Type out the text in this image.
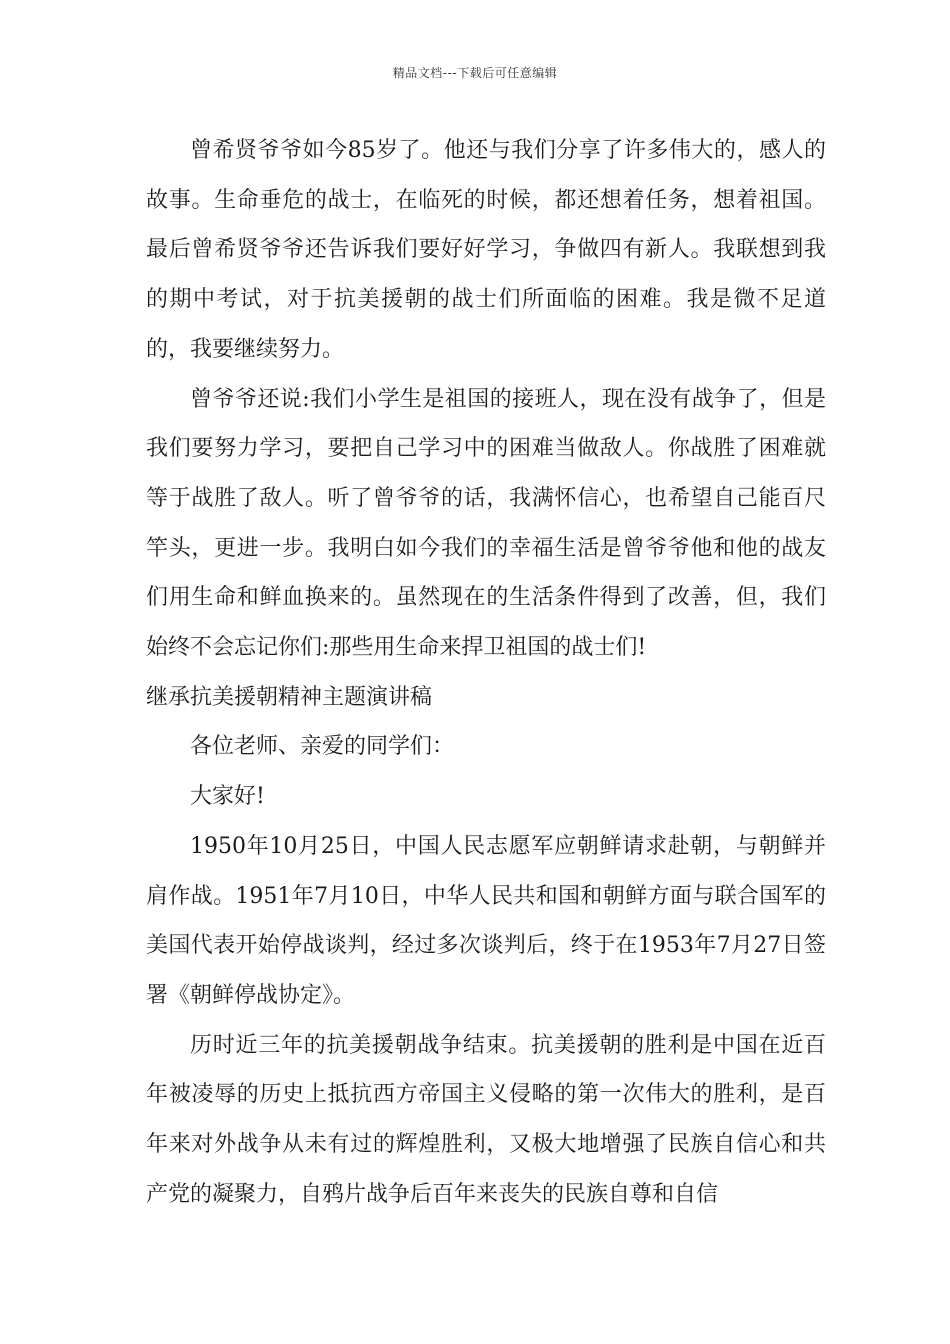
精品文档---下载后可任意编辑

曾希贤爷爷如今85岁了。他还与我们分享了许多伟大的，感人的故事。生命垂危的战士，在临死的时候，都还想着任务，想着祖国。最后曾希贤爷爷还告诉我们要好好学习，争做四有新人。我联想到我的期中考试，对于抗美援朝的战士们所面临的困难。我是微不足道的，我要继续努力。

曾爷爷还说:我们小学生是祖国的接班人，现在没有战争了，但是我们要努力学习，要把自己学习中的困难当做敌人。你战胜了困难就等于战胜了敌人。听了曾爷爷的话，我满怀信心，也希望自己能百尺竿头，更进一步。我明白如今我们的幸福生活是曾爷爷他和他的战友们用生命和鲜血换来的。虽然现在的生活条件得到了改善，但，我们始终不会忘记你们:那些用生命来捍卫祖国的战士们!

继承抗美援朝精神主题演讲稿

各位老师、亲爱的同学们：

大家好!

1950年10月25日，中国人民志愿军应朝鲜请求赴朝，与朝鲜并肩作战。1951年7月10日，中华人民共和国和朝鲜方面与联合国军的美国代表开始停战谈判，经过多次谈判后，终于在1953年7月27日签署《朝鲜停战协定》。

历时近三年的抗美援朝战争结束。抗美援朝的胜利是中国在近百年被凌辱的历史上抵抗西方帝国主义侵略的第一次伟大的胜利，是百年来对外战争从未有过的辉煌胜利，又极大地增强了民族自信心和共产党的凝聚力，自鸦片战争后百年来丧失的民族自尊和自信
